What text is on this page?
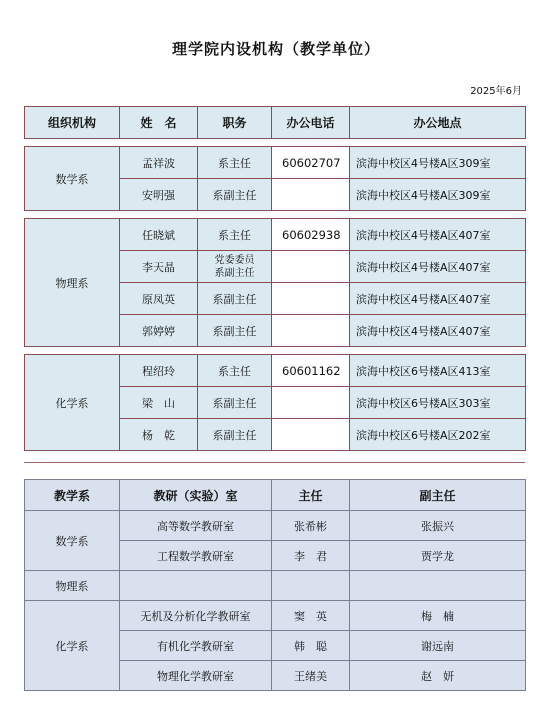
理学院内设机构（教学单位）
2025年6月
组织机构	姓　名	职务	办公电话	办公地点

数学系	孟祥波	系主任	60602707	滨海中校区4号楼A区309室
	安明强	系副主任		滨海中校区4号楼A区309室

物理系	任晓斌	系主任	60602938	滨海中校区4号楼A区407室
	李天晶	党委委员
系副主任		滨海中校区4号楼A区407室
	原凤英	系副主任		滨海中校区4号楼A区407室
	郭婷婷	系副主任		滨海中校区4号楼A区407室

化学系	程绍玲	系主任	60601162	滨海中校区6号楼A区413室
	梁　山	系副主任		滨海中校区6号楼A区303室
	杨　乾	系副主任		滨海中校区6号楼A区202室
教学系	教研（实验）室	主任	副主任
数学系	高等数学教研室	张希彬	张振兴
	工程数学教研室	李　君	贾学龙
物理系			
化学系	无机及分析化学教研室	窦　英	梅　楠
	有机化学教研室	韩　聪	谢远南
	物理化学教研室	王绪美	赵　妍
